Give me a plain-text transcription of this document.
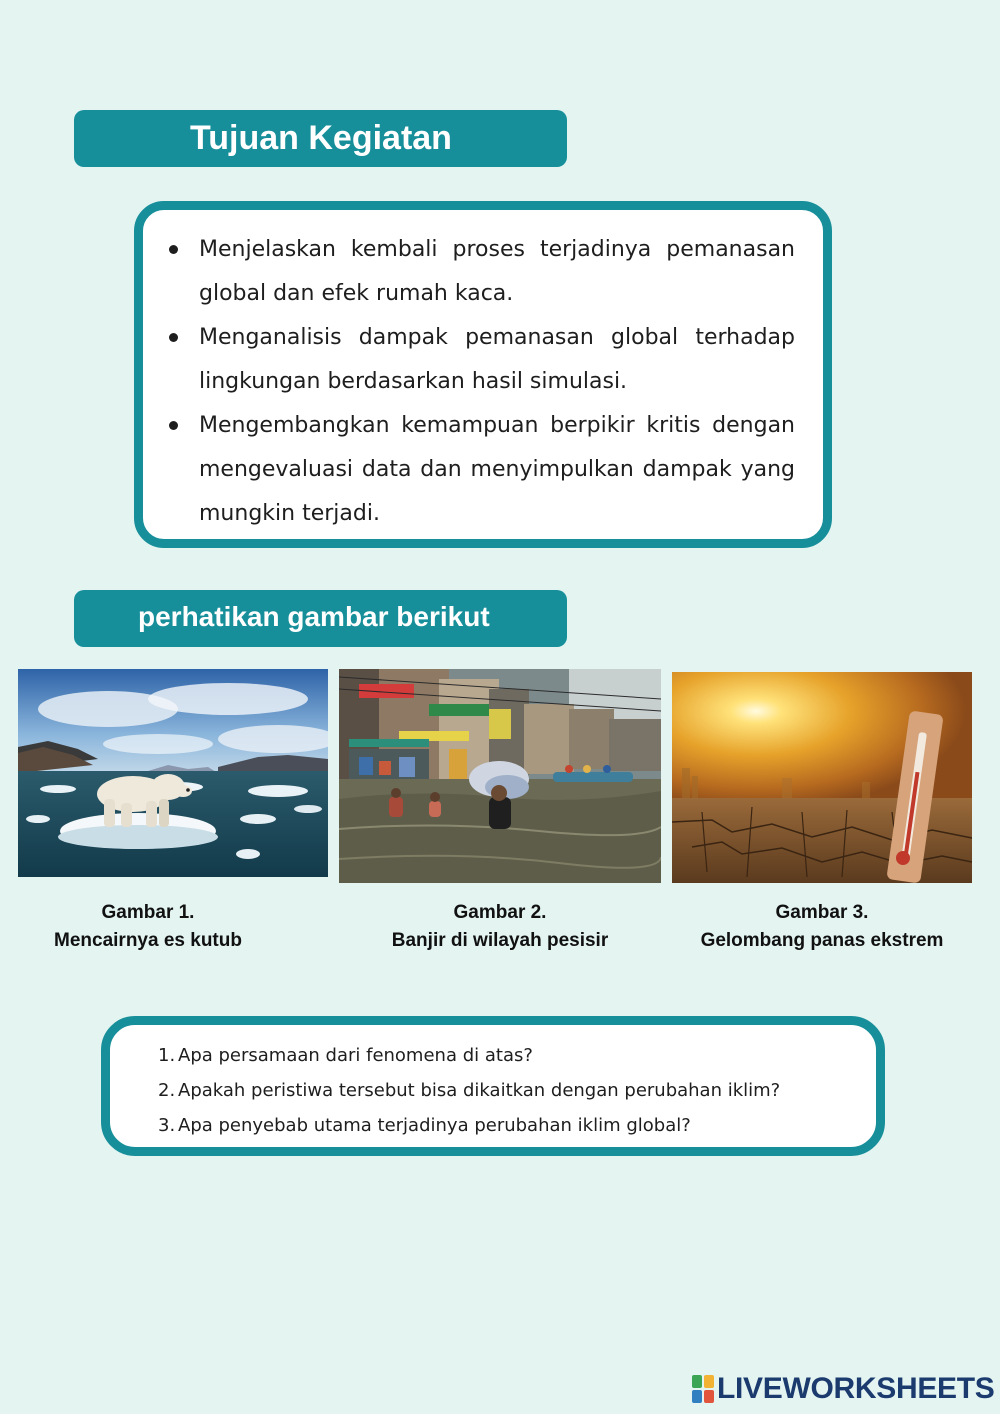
Tujuan Kegiatan
Menjelaskan kembali proses terjadinya pemanasan global dan efek rumah kaca.
Menganalisis dampak pemanasan global terhadap lingkungan berdasarkan hasil simulasi.
Mengembangkan kemampuan berpikir kritis dengan mengevaluasi data dan menyimpulkan dampak yang mungkin terjadi.
perhatikan gambar berikut
Gambar 1.
Mencairnya es kutub
Gambar 2.
Banjir di wilayah pesisir
Gambar 3.
Gelombang panas ekstrem
1. Apa persamaan dari fenomena di atas?
2. Apakah peristiwa tersebut bisa dikaitkan dengan perubahan iklim?
3. Apa penyebab utama terjadinya perubahan iklim global?
LIVEWORKSHEETS
